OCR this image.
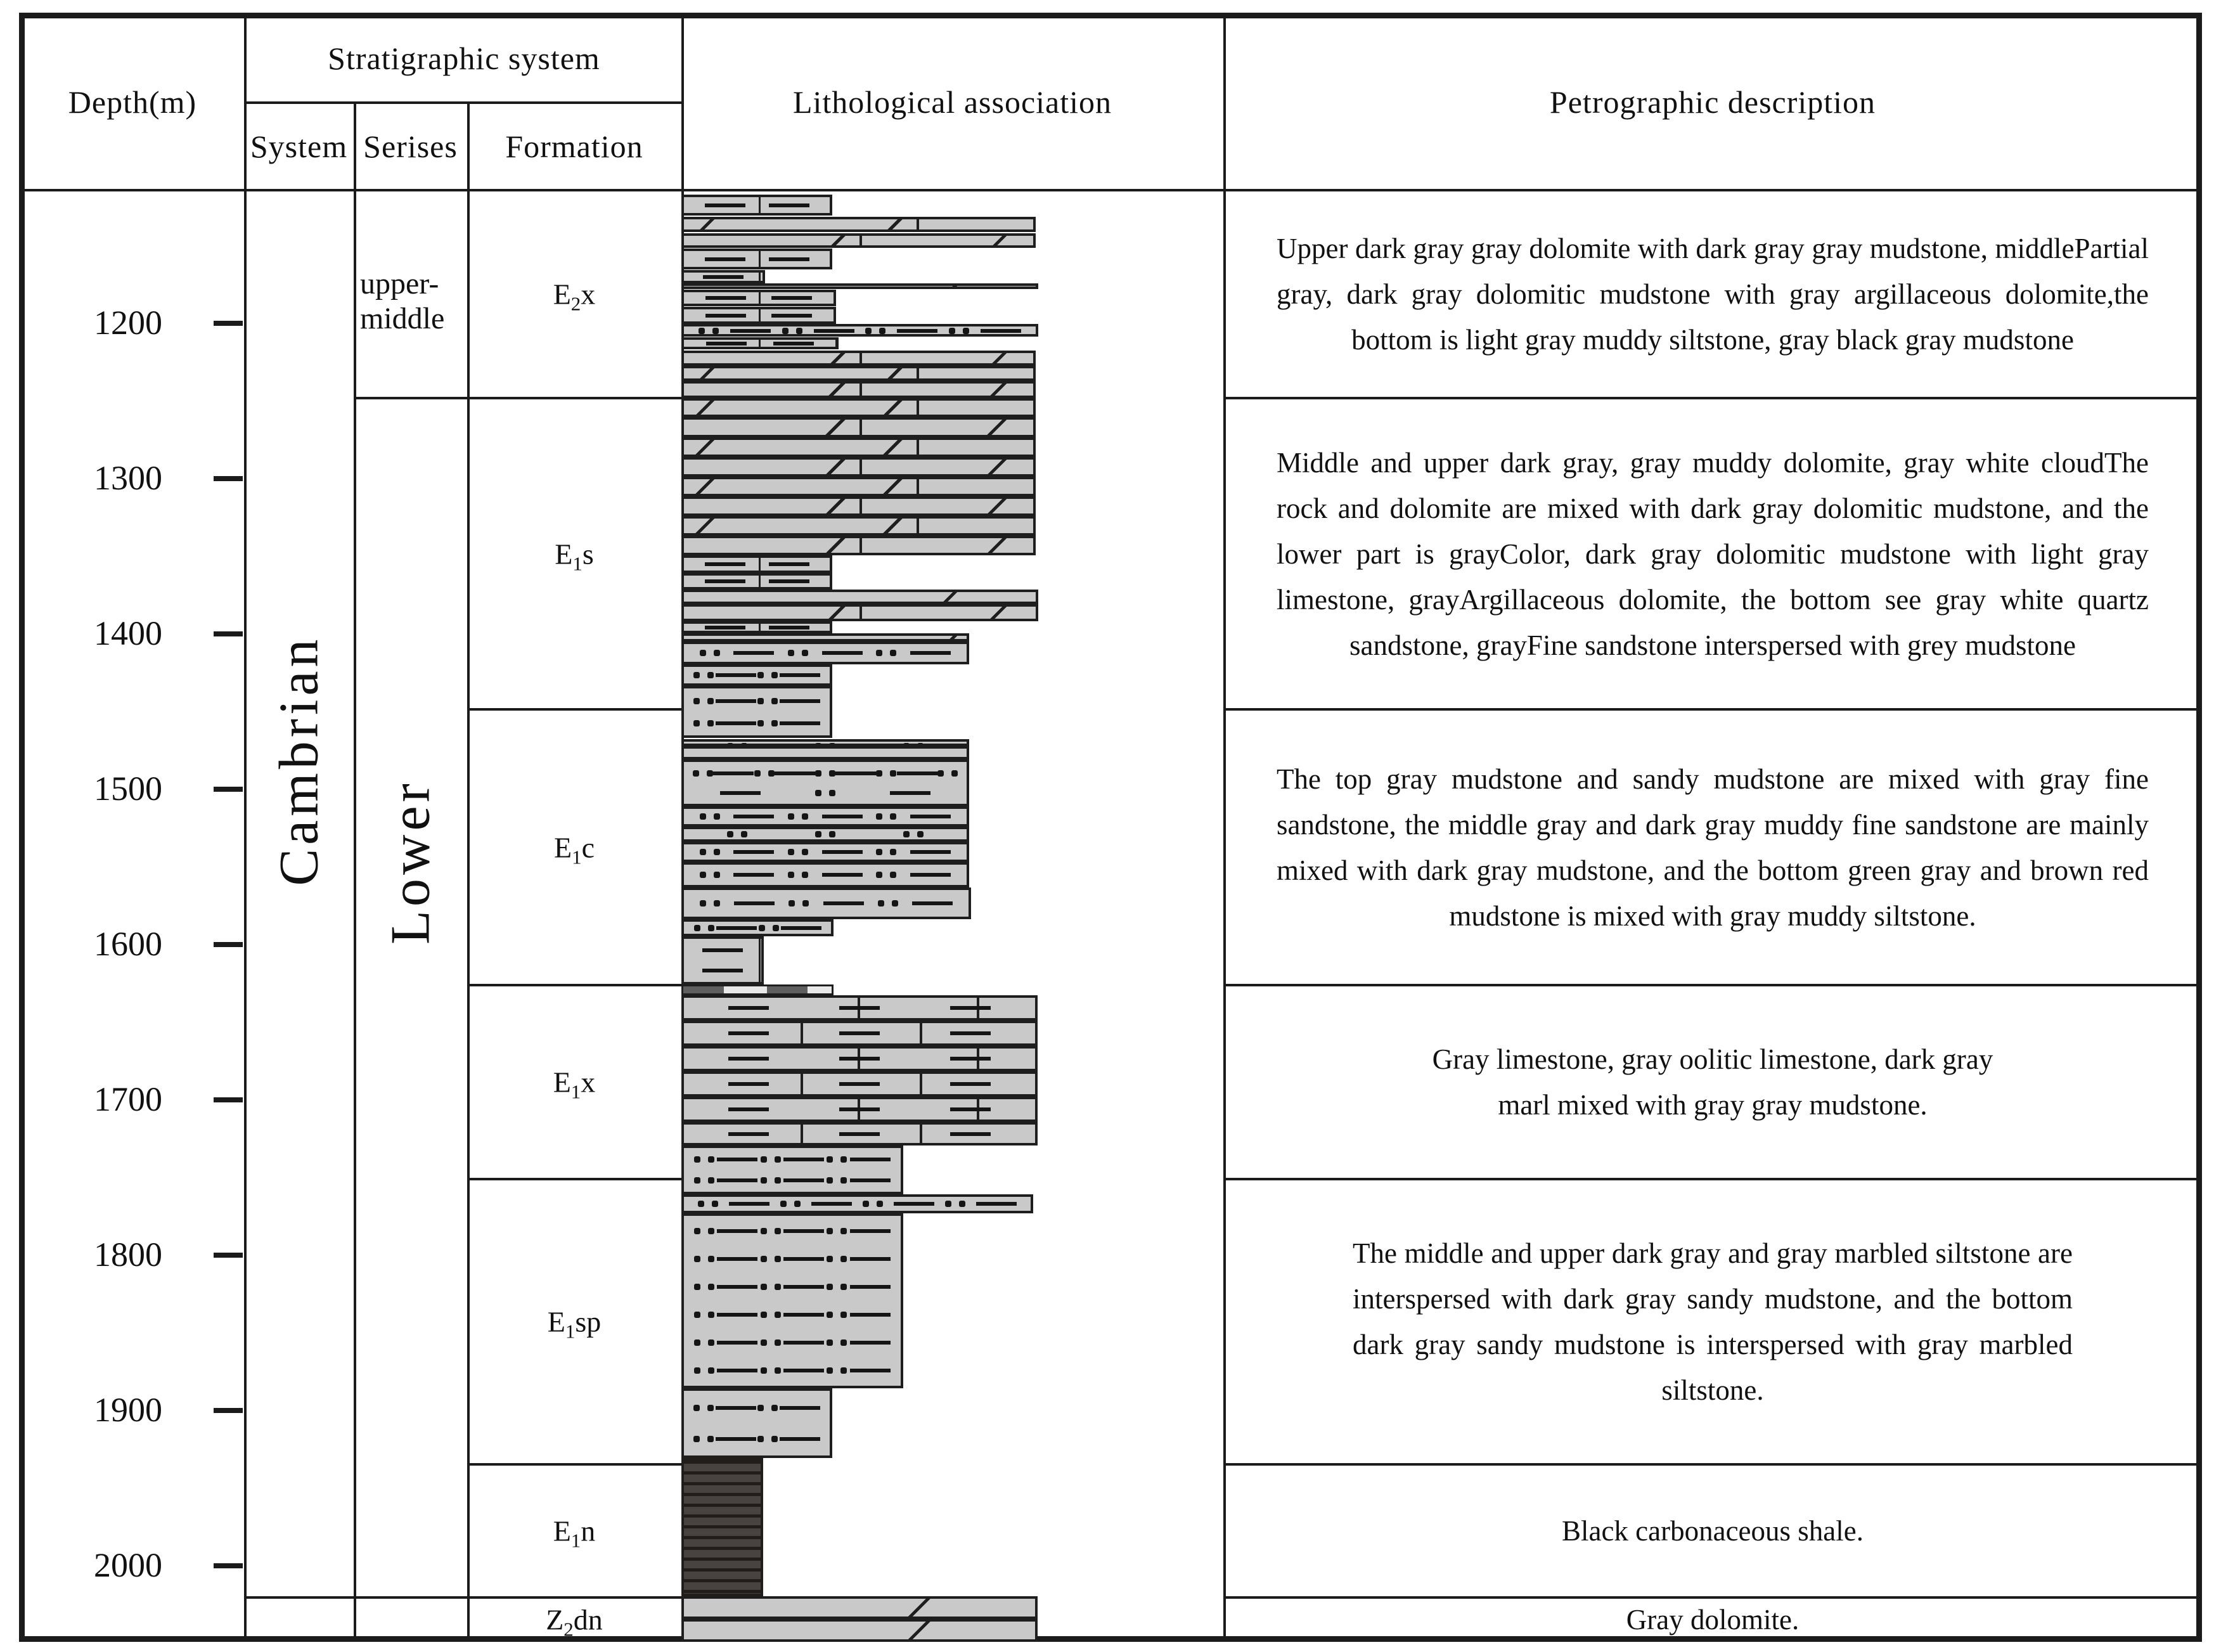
Depth(m)
Stratigraphic system
System Serises Formation
Lithological association	Petrographic description
1200
1300
1400
1500
1600
1700
1800
1900
2000
Cambrian
upper-
middle
Lower
$E_2x$
$E_1s$
$E_1c$
$E_1x$
$E_1sp$
$E_1n$
$Z_2dn$
Upper dark gray gray dolomite with dark gray gray mudstone, middlePartial gray, dark gray dolomitic mudstone with gray argillaceous dolomite,the bottom is light gray muddy siltstone, gray black gray mudstone
Middle and upper dark gray, gray muddy dolomite, gray white cloudThe rock and dolomite are mixed with dark gray dolomitic mudstone, and the lower part is grayColor, dark gray dolomitic mudstone with light gray limestone, grayArgillaceous dolomite, the bottom see gray white quartz sandstone, grayFine sandstone interspersed with grey mudstone
The top gray mudstone and sandy mudstone are mixed with gray fine sandstone, the middle gray and dark gray muddy fine sandstone are mainly mixed with dark gray mudstone, and the bottom green gray and brown red mudstone is mixed with gray muddy siltstone.
Gray limestone, gray oolitic limestone, dark gray marl mixed with gray gray mudstone.
The middle and upper dark gray and gray marbled siltstone are interspersed with dark gray sandy mudstone, and the bottom dark gray sandy mudstone is interspersed with gray marbled siltstone.
Black carbonaceous shale.
Gray dolomite.
